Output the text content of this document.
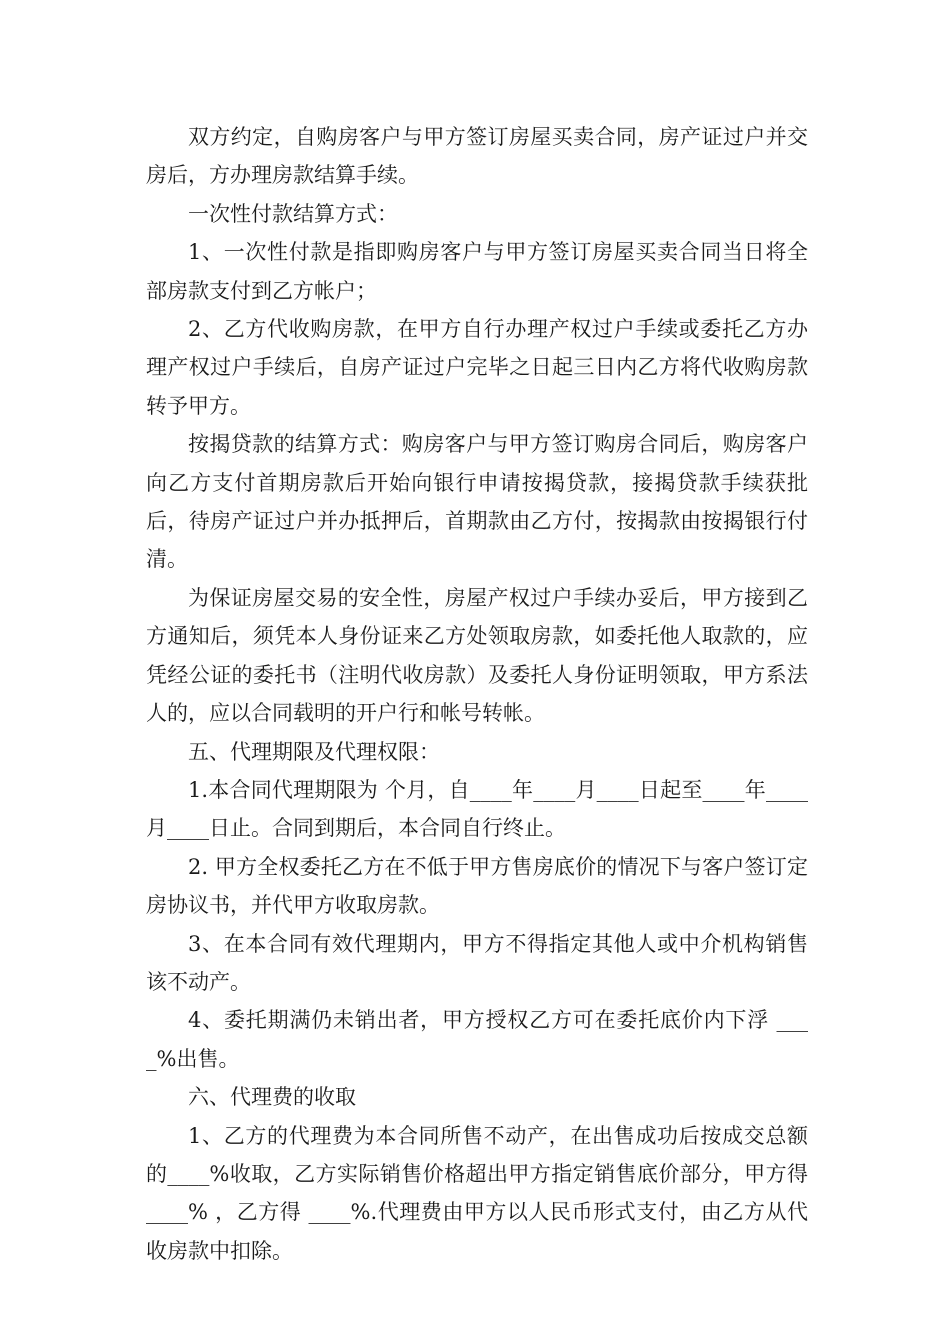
双方约定，自购房客户与甲方签订房屋买卖合同，房产证过户并交房后，方办理房款结算手续。

一次性付款结算方式：

1、一次性付款是指即购房客户与甲方签订房屋买卖合同当日将全部房款支付到乙方帐户；

2、乙方代收购房款，在甲方自行办理产权过户手续或委托乙方办理产权过户手续后，自房产证过户完毕之日起三日内乙方将代收购房款转予甲方。

按揭贷款的结算方式：购房客户与甲方签订购房合同后，购房客户向乙方支付首期房款后开始向银行申请按揭贷款，接揭贷款手续获批后，待房产证过户并办抵押后，首期款由乙方付，按揭款由按揭银行付清。

为保证房屋交易的安全性，房屋产权过户手续办妥后，甲方接到乙方通知后，须凭本人身份证来乙方处领取房款，如委托他人取款的，应凭经公证的委托书（注明代收房款）及委托人身份证明领取，甲方系法人的，应以合同载明的开户行和帐号转帐。

五、代理期限及代理权限：

1.本合同代理期限为 个月，自____年____月____日起至____年____月____日止。合同到期后，本合同自行终止。

2. 甲方全权委托乙方在不低于甲方售房底价的情况下与客户签订定房协议书，并代甲方收取房款。

3、在本合同有效代理期内，甲方不得指定其他人或中介机构销售该不动产。

4、委托期满仍未销出者，甲方授权乙方可在委托底价内下浮 ____%出售。

六、代理费的收取

1、乙方的代理费为本合同所售不动产，在出售成功后按成交总额的____%收取，乙方实际销售价格超出甲方指定销售底价部分，甲方得 ____% ，乙方得 ____%.代理费由甲方以人民币形式支付，由乙方从代收房款中扣除。
